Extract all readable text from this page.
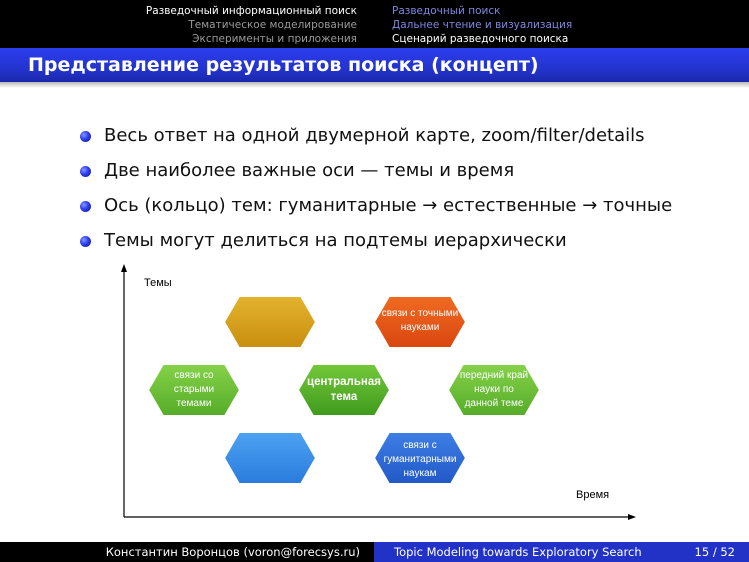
Разведочный информационный поиск
Тематическое моделирование
Эксперименты и приложения
Разведочный поиск
Дальнее чтение и визуализация
Сценарий разведочного поиска
Представление результатов поиска (концепт)
Весь ответ на одной двумерной карте, zoom/filter/details
Две наиболее важные оси — темы и время
Ось (кольцо) тем: гуманитарные → естественные → точные
Темы могут делиться на подтемы иерархически
Темы
Время
связи с точными
науками
связи со
старыми
темами
центральная
тема
передний край
науки по
данной теме
связи с
гуманитарными
наукам
Константин Воронцов (voron@forecsys.ru)	Topic Modeling towards Exploratory Search	15 / 52
